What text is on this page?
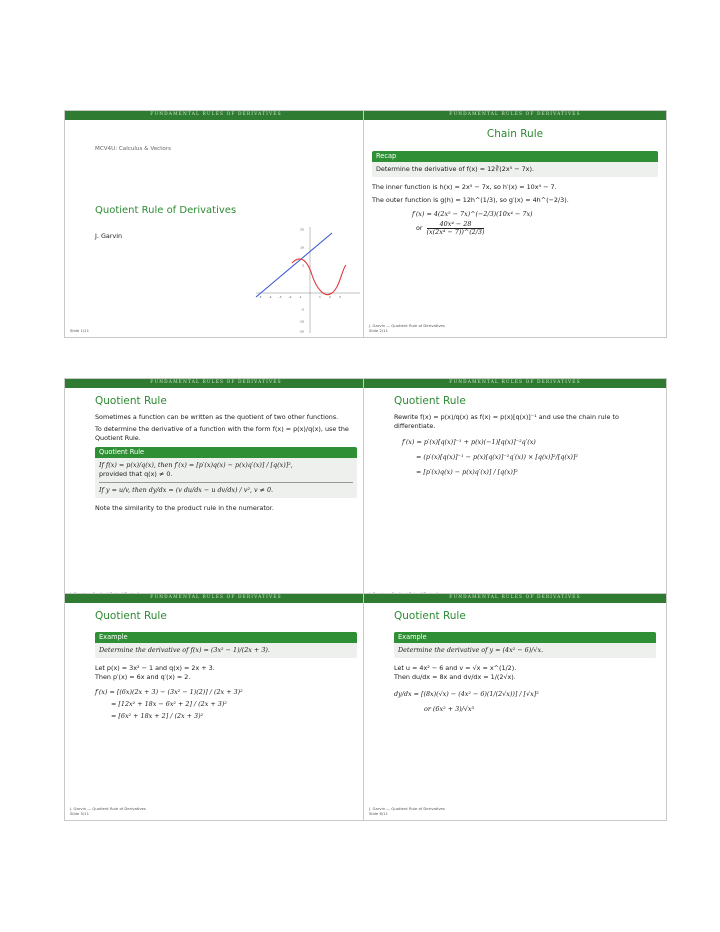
FUNDAMENTAL RULES OF DERIVATIVES
MCV4U: Calculus & Vectors
Quotient Rule of Derivatives
J. Garvin
20
10
5
-5
-10
-20
-5 -4 -3 -2 -1	1	2	3
Slide 1/11
FUNDAMENTAL RULES OF DERIVATIVES
Chain Rule
Recap
Determine the derivative of f(x) = 12∛(2x⁵ − 7x).
The inner function is h(x) = 2x⁵ − 7x, so h′(x) = 10x⁴ − 7.
The outer function is g(h) = 12h^(1/3), so g′(x) = 4h^(−2/3).
f′(x) = 4(2x⁵ − 7x)^(−2/3)(10x⁴ − 7x)
or $\frac{\text{40x⁴ − 28}}{\text{(x(2x⁴ − 7))\textasciicircum{}(2/3)}}$
J. Garvin — Quotient Rule of Derivatives
Slide 2/11
FUNDAMENTAL RULES OF DERIVATIVES
Quotient Rule
Sometimes a function can be written as the quotient of two other functions.
To determine the derivative of a function with the form f(x) = p(x)/q(x), use the Quotient Rule.
Quotient Rule
If f(x) = p(x)/q(x), then f′(x) = [p′(x)q(x) − p(x)q′(x)] / [q(x)]²,
provided that q(x) ≠ 0.
If y = u/v, then dy/dx = (v du/dx − u dv/dx) / v², v ≠ 0.
Note the similarity to the product rule in the numerator.

FUNDAMENTAL RULES OF DERIVATIVES
Quotient Rule
Rewrite f(x) = p(x)/q(x) as f(x) = p(x)[q(x)]⁻¹ and use the chain rule to differentiate.
f′(x) = p′(x)[q(x)]⁻¹ + p(x)(−1)[q(x)]⁻²q′(x)
= (p′(x)[q(x)]⁻¹ − p(x)[q(x)]⁻²q′(x)) × [q(x)]²/[q(x)]²
= [p′(x)q(x) − p(x)q′(x)] / [q(x)]²

FUNDAMENTAL RULES OF DERIVATIVES
Quotient Rule
Example
Determine the derivative of f(x) = (3x² − 1)/(2x + 3).
Let p(x) = 3x² − 1 and q(x) = 2x + 3.
Then p′(x) = 6x and q′(x) = 2.
f′(x) = [(6x)(2x + 3) − (3x² − 1)(2)] / (2x + 3)²
= [12x² + 18x − 6x² + 2] / (2x + 3)²
= [6x² + 18x + 2] / (2x + 3)²
J. Garvin — Quotient Rule of Derivatives
Slide 5/11
FUNDAMENTAL RULES OF DERIVATIVES
Quotient Rule
Example
Determine the derivative of y = (4x² − 6)/√x.
Let u = 4x² − 6 and v = √x = x^(1/2).
Then du/dx = 8x and dv/dx = 1/(2√x).
dy/dx = [(8x)(√x) − (4x² − 6)(1/(2√x))] / [√x]²
or (6x² + 3)/√x³
J. Garvin — Quotient Rule of Derivatives
Slide 6/11
